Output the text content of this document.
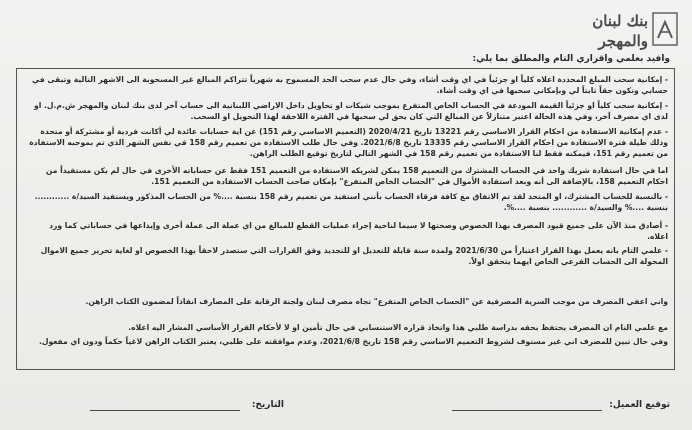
بنك لبنان
والمهجر
وافيد بعلمي واقراري التام والمطلق بما يلي:
- إمكانية سحب المبلغ المحددة اعلاه كلياً او جزئياً في اي وقت أشاء، وفي حال عدم سحب الحد المسموح به شهرياً تتراكم المبالغ غير المسحوبة الى الاشهر التالية وتبقى في حسابي وتكون حقاً ثابتاً لي وبإمكاني سحبها في اي وقت أشاء.
- إمكانية سحب كلياً او جزئياً القيمة المودعة في الحساب الخاص المتفرع بموجب شيكات او تحاويل داخل الاراضي اللبنانية الى حساب آخر لدى بنك لبنان والمهجر ش.م.ل. او لدى اي مصرف آخر، وفي هذه الحالة اعتبر متنازلاً عن المبالغ التي كان يحق لي سحبها في الفترة اللاحقة لهذا التحويل او السحب.
- عدم إمكانية الاستفادة من احكام القرار الاساسي رقم 13221 تاريخ 2020/4/21 (التعميم الاساسي رقم 151) عن اية حسابات عائدة لي أكانت فردية أو مشتركة أو متحدة وذلك طيلة فترة الاستفادة من احكام القرار الاساسي رقم 13335 تاريخ 2021/6/8. وفي حال طلب الاستفادة من تعميم رقم 158 في نفس الشهر الذي تم بموجبه الاستفادة من تعميم رقم 151، فيمكنه فقط لنا الاستفادة من تعميم رقم 158 في الشهر التالي لتاريخ توقيع الطلب الراهن.
اما في حال استفادة شريك واحد في الحساب المشترك من التعميم 158 يمكن لشريكه الاستفادة من التعميم 151 فقط عن حساباته الأخرى في حال لم يكن مستفيداً من احكام التعميم 158، بالإضافة الى أنه وبعد استفادة الأموال في "الحساب الخاص المتفرع" بإمكان صاحب الحساب الاستفادة من التعميم 151.
- بالنسبة للحساب المشترك، او المتحد لقد تم الاتفاق مع كافة فرقاء الحساب بأنني استفيد من تعميم رقم 158 بنسبة ....% من الحساب المذكور ويستفيد السيد/ة ............ بنسبة ....% والسيد/ة ............ بنسبة ....%.
- أصادق منذ الآن على جميع قيود المصرف بهذا الخصوص وصحتها لا سيما لناحية إجراء عمليات القطع للمبالغ من اي عملة الى عملة أخرى وإيداعها في حساباتي كما ورد اعلاه.
- علمي التام بانه يعمل بهذا القرار اعتباراً من 2021/6/30 ولمدة سنة قابلة للتعديل او للتجديد وفق القرارات التي ستصدر لاحقاً بهذا الخصوص او لغاية تحرير جميع الاموال المحولة الى الحساب الفرعي الخاص ايهما يتحقق اولاً.
واني اعفي المصرف من موجب السرية المصرفية عن "الحساب الخاص المتفرع" تجاه مصرف لبنان ولجنة الرقابة على المصارف انفاذاً لمضمون الكتاب الراهن.
مع علمي التام ان المصرف يحتفظ بحقه بدراسة طلبي هذا واتخاذ قراره الاستنسابي في حال تأمين او لا لأحكام القرار الأساسي المشار اليه اعلاه.
وفي حال تبين للمصرف اني غير مستوف لشروط التعميم الاساسي رقم 158 تاريخ 2021/6/8، وعدم موافقته على طلبي، يعتبر الكتاب الراهن لاغياً حكماً ودون اي مفعول.
توقيع العميل:
التاريخ:
